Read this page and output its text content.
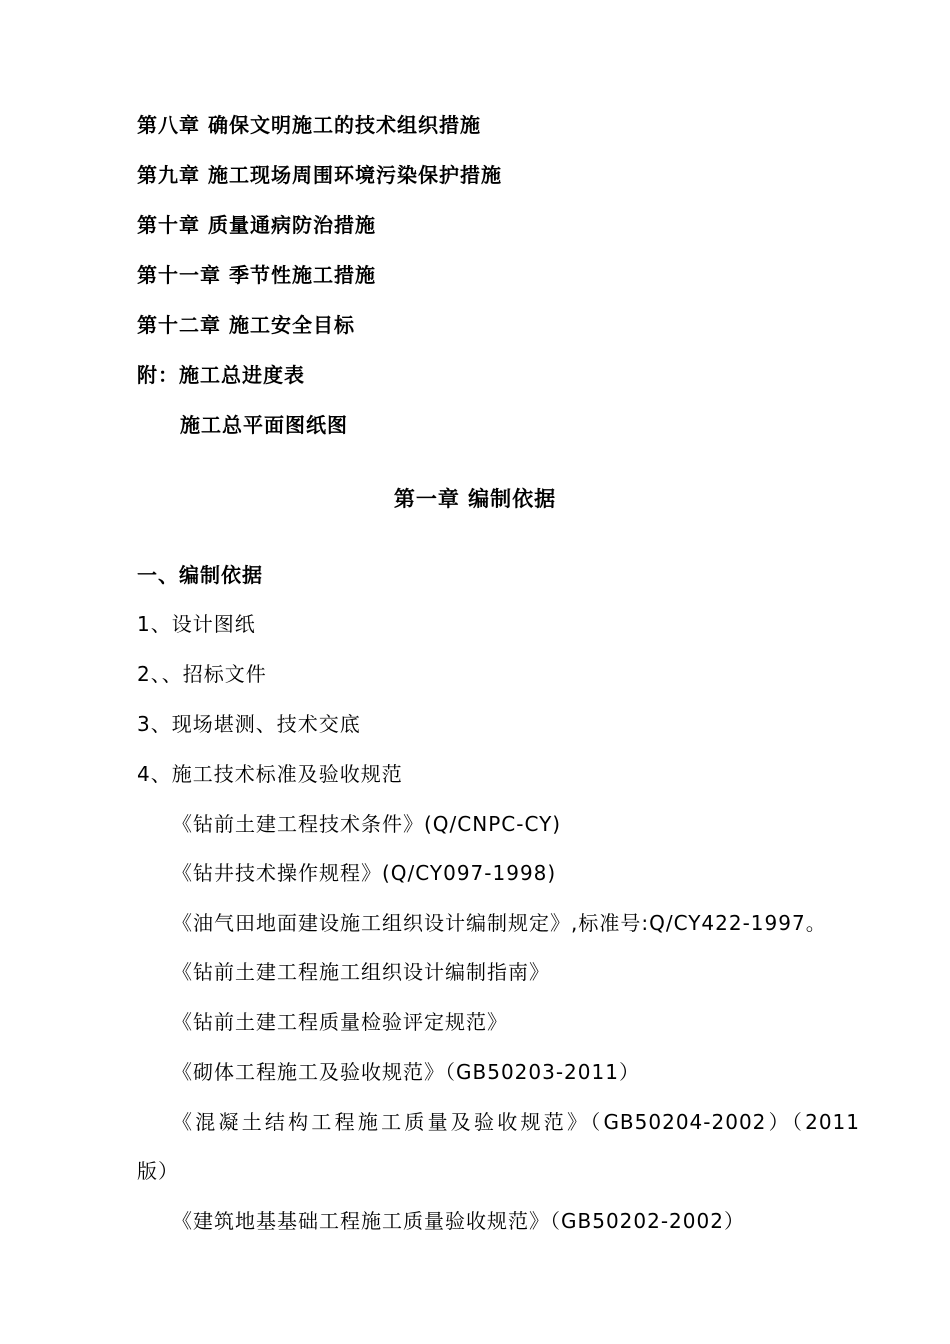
第八章 确保文明施工的技术组织措施
第九章 施工现场周围环境污染保护措施
第十章 质量通病防治措施
第十一章 季节性施工措施
第十二章 施工安全目标
附：施工总进度表
施工总平面图纸图
第一章 编制依据
一、编制依据
1、设计图纸
2、、招标文件
3、现场堪测、技术交底
4、施工技术标准及验收规范
《钻前土建工程技术条件》(Q/CNPC-CY)
《钻井技术操作规程》(Q/CY097-1998)
《油气田地面建设施工组织设计编制规定》,标准号:Q/CY422-1997。
《钻前土建工程施工组织设计编制指南》
《钻前土建工程质量检验评定规范》
《砌体工程施工及验收规范》（GB50203-2011）
《混凝土结构工程施工质量及验收规范》（GB50204-2002）（2011
版）
《建筑地基基础工程施工质量验收规范》（GB50202-2002）
